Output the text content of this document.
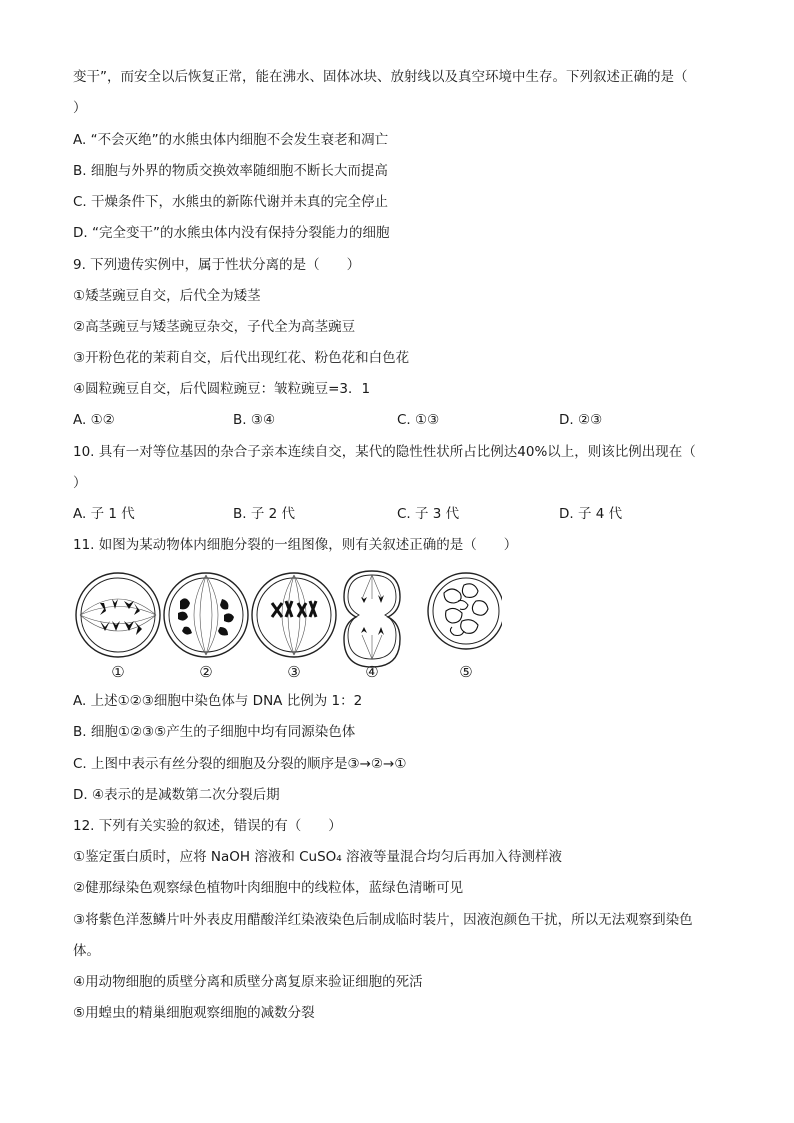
变干”，而安全以后恢复正常，能在沸水、固体冰块、放射线以及真空环境中生存。下列叙述正确的是（
）
A. “不会灭绝”的水熊虫体内细胞不会发生衰老和凋亡
B. 细胞与外界的物质交换效率随细胞不断长大而提高
C. 干燥条件下，水熊虫的新陈代谢并未真的完全停止
D. “完全变干”的水熊虫体内没有保持分裂能力的细胞
9. 下列遗传实例中，属于性状分离的是（　　）
①矮茎豌豆自交，后代全为矮茎
②高茎豌豆与矮茎豌豆杂交，子代全为高茎豌豆
③开粉色花的茉莉自交，后代出现红花、粉色花和白色花
④圆粒豌豆自交，后代圆粒豌豆：皱粒豌豆=3．1
A. ①②	B. ③④	C. ①③	D. ②③
10. 具有一对等位基因的杂合子亲本连续自交，某代的隐性性状所占比例达40%以上，则该比例出现在（
）
A. 子 1 代	B. 子 2 代	C. 子 3 代	D. 子 4 代
11. 如图为某动物体内细胞分裂的一组图像，则有关叙述正确的是（　　）
①	②	③	④	⑤
A. 上述①②③细胞中染色体与 DNA 比例为 1：2
B. 细胞①②③⑤产生的子细胞中均有同源染色体
C. 上图中表示有丝分裂的细胞及分裂的顺序是③→②→①
D. ④表示的是减数第二次分裂后期
12. 下列有关实验的叙述，错误的有（　　）
①鉴定蛋白质时，应将 NaOH 溶液和 CuSO₄ 溶液等量混合均匀后再加入待测样液
②健那绿染色观察绿色植物叶肉细胞中的线粒体，蓝绿色清晰可见
③将紫色洋葱鳞片叶外表皮用醋酸洋红染液染色后制成临时装片，因液泡颜色干扰，所以无法观察到染色
体。
④用动物细胞的质壁分离和质壁分离复原来验证细胞的死活
⑤用蝗虫的精巢细胞观察细胞的减数分裂
